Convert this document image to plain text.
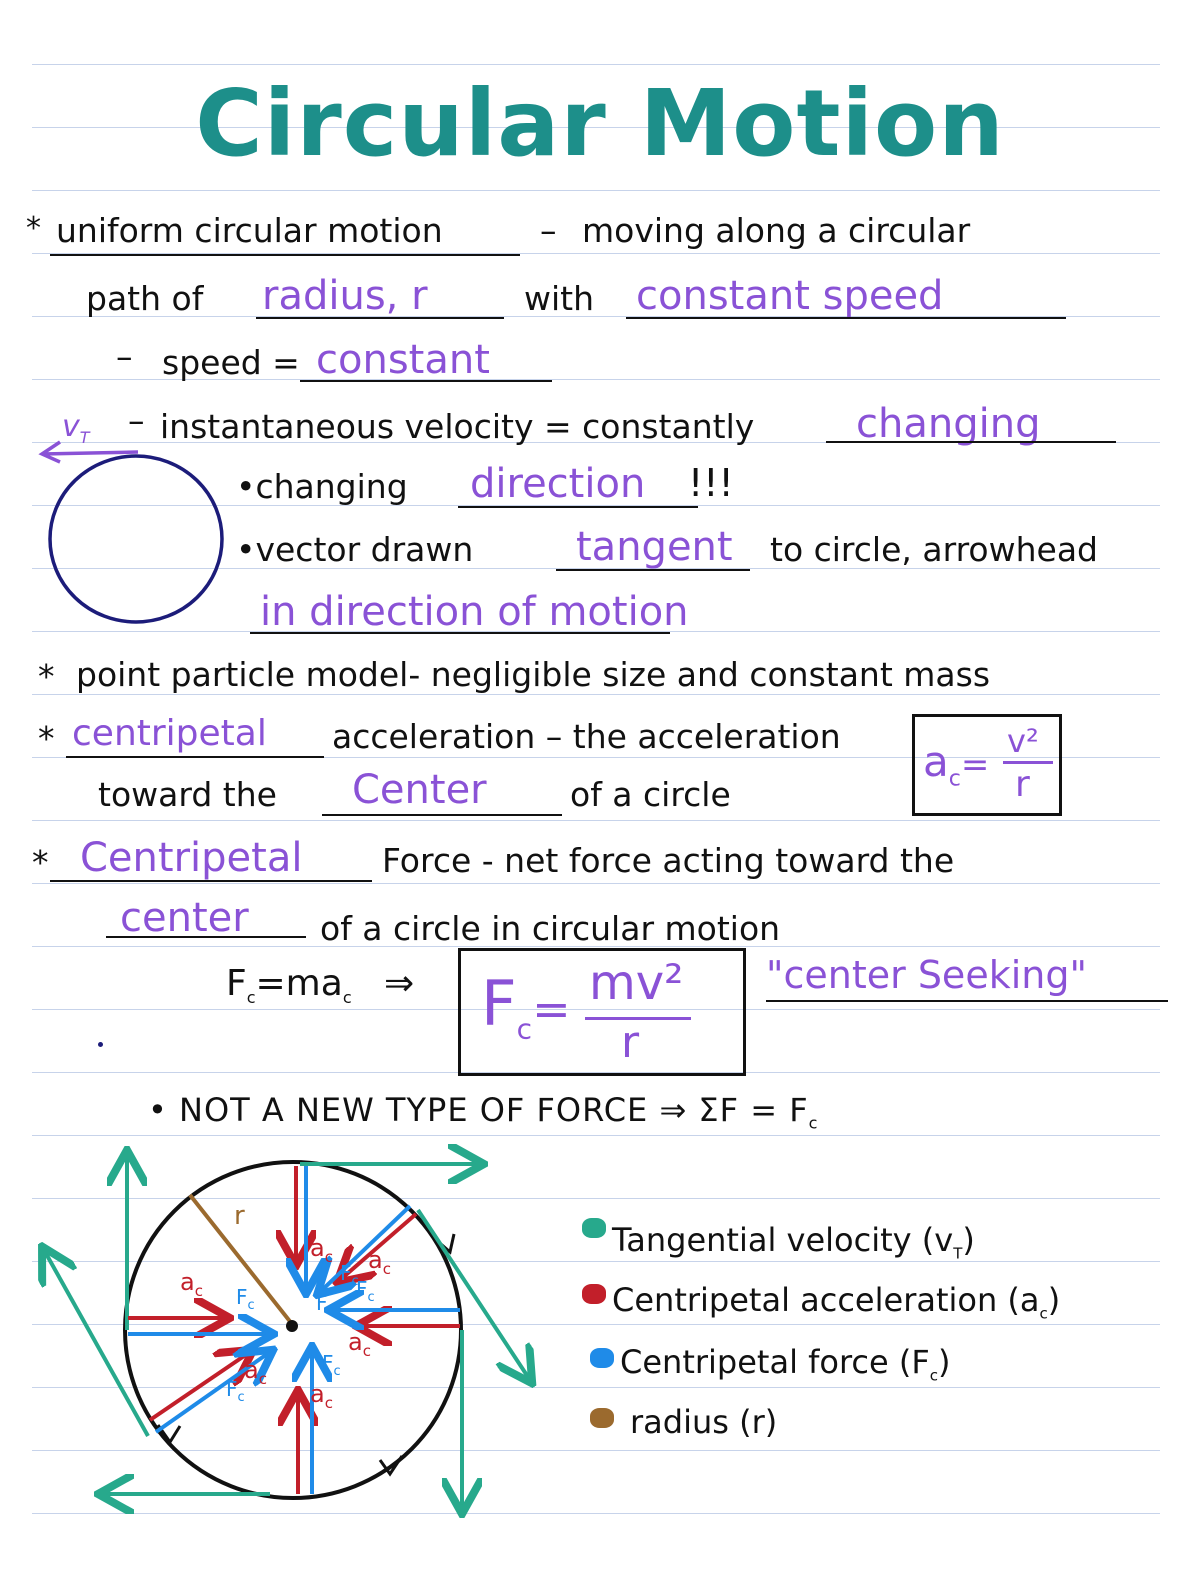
Circular Motion
* uniform circular motion	– moving along a circular
path of radius, r	with constant speed
– speed = constant
$v_T$ – instantaneous velocity = constantly	changing
•changing direction !!!
•vector drawn	tangent to circle, arrowhead
in direction of motion
* point particle model- negligible size and constant mass
* centripetal acceleration – the acceleration
toward the Center	of a circle
$a_c=$
v²
r
* Centripetal Force - net force acting toward the
center of a circle in circular motion
$F_c=ma_c$ ⇒ $F_c= mv^2$
r
"center Seeking"
• NOT A NEW TYPE OF FORCE ⇒ $\Sigma F = F_c$
r
$a_c$
$a_c$ $a_c$
$a_c$
$a_c$
$a_c$
$F_c$	$F_c$
$F_c$
$F_c$
$F_c$
$F_c$
Tangential velocity $(v_T)$
Centripetal acceleration $(a_c)$
Centripetal force $(F_c)$
radius (r)
